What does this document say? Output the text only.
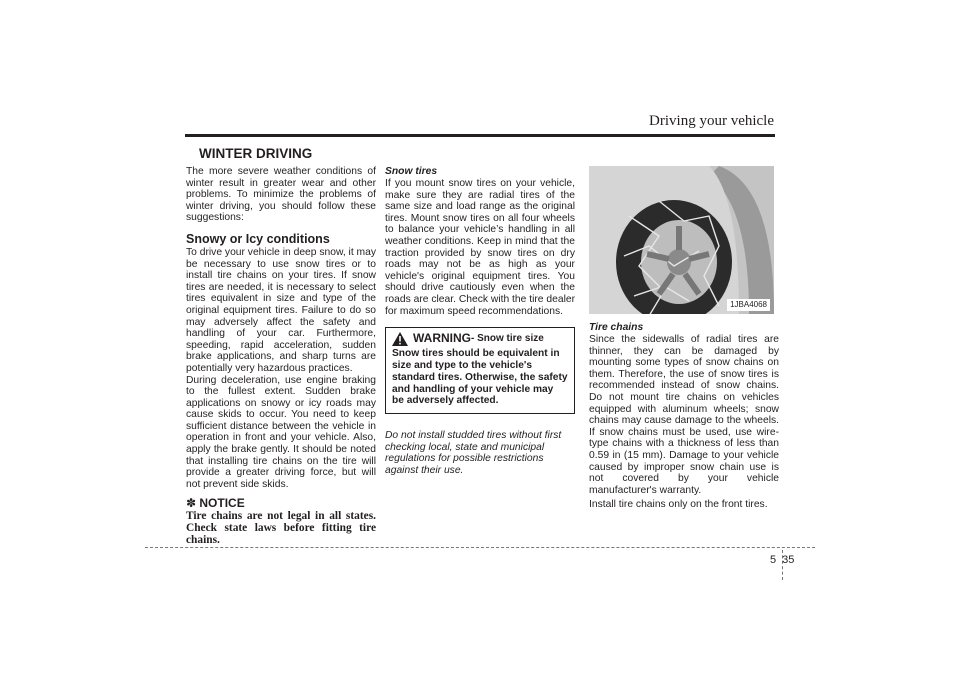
Driving your vehicle
WINTER DRIVING

The more severe weather conditions of winter result in greater wear and other problems. To minimize the problems of winter driving, you should follow these suggestions:

Snowy or Icy conditions

To drive your vehicle in deep snow, it may be necessary to use snow tires or to install tire chains on your tires. If snow tires are needed, it is necessary to select tires equivalent in size and type of the original equipment tires. Failure to do so may adversely affect the safety and handling of your car. Furthermore, speeding, rapid acceleration, sudden brake applications, and sharp turns are potentially very hazardous practices.

During deceleration, use engine braking to the fullest extent. Sudden brake applications on snowy or icy roads may cause skids to occur. You need to keep sufficient distance between the vehicle in operation in front and your vehicle. Also, apply the brake gently. It should be noted that installing tire chains on the tire will provide a greater driving force, but will not prevent side skids.

✽ NOTICE
Tire chains are not legal in all states. Check state laws before fitting tire chains.
Snow tires

If you mount snow tires on your vehicle, make sure they are radial tires of the same size and load range as the original tires. Mount snow tires on all four wheels to balance your vehicle’s handling in all weather conditions. Keep in mind that the traction provided by snow tires on dry roads may not be as high as your vehicle's original equipment tires. You should drive cautiously even when the roads are clear. Check with the tire dealer for maximum speed recommendations.

WARNING - Snow tire size
Snow tires should be equivalent in size and type to the vehicle's standard tires. Otherwise, the safety and handling of your vehicle may be adversely affected.

Do not install studded tires without first checking local, state and municipal regulations for possible restrictions against their use.

1JBA4068
Tire chains

Since the sidewalls of radial tires are thinner, they can be damaged by mounting some types of snow chains on them. Therefore, the use of snow tires is recommended instead of snow chains. Do not mount tire chains on vehicles equipped with aluminum wheels; snow chains may cause damage to the wheels. If snow chains must be used, use wire-type chains with a thickness of less than 0.59 in (15 mm). Damage to your vehicle caused by improper snow chain use is not covered by your vehicle manufacturer's warranty.

Install tire chains only on the front tires.

5 35
